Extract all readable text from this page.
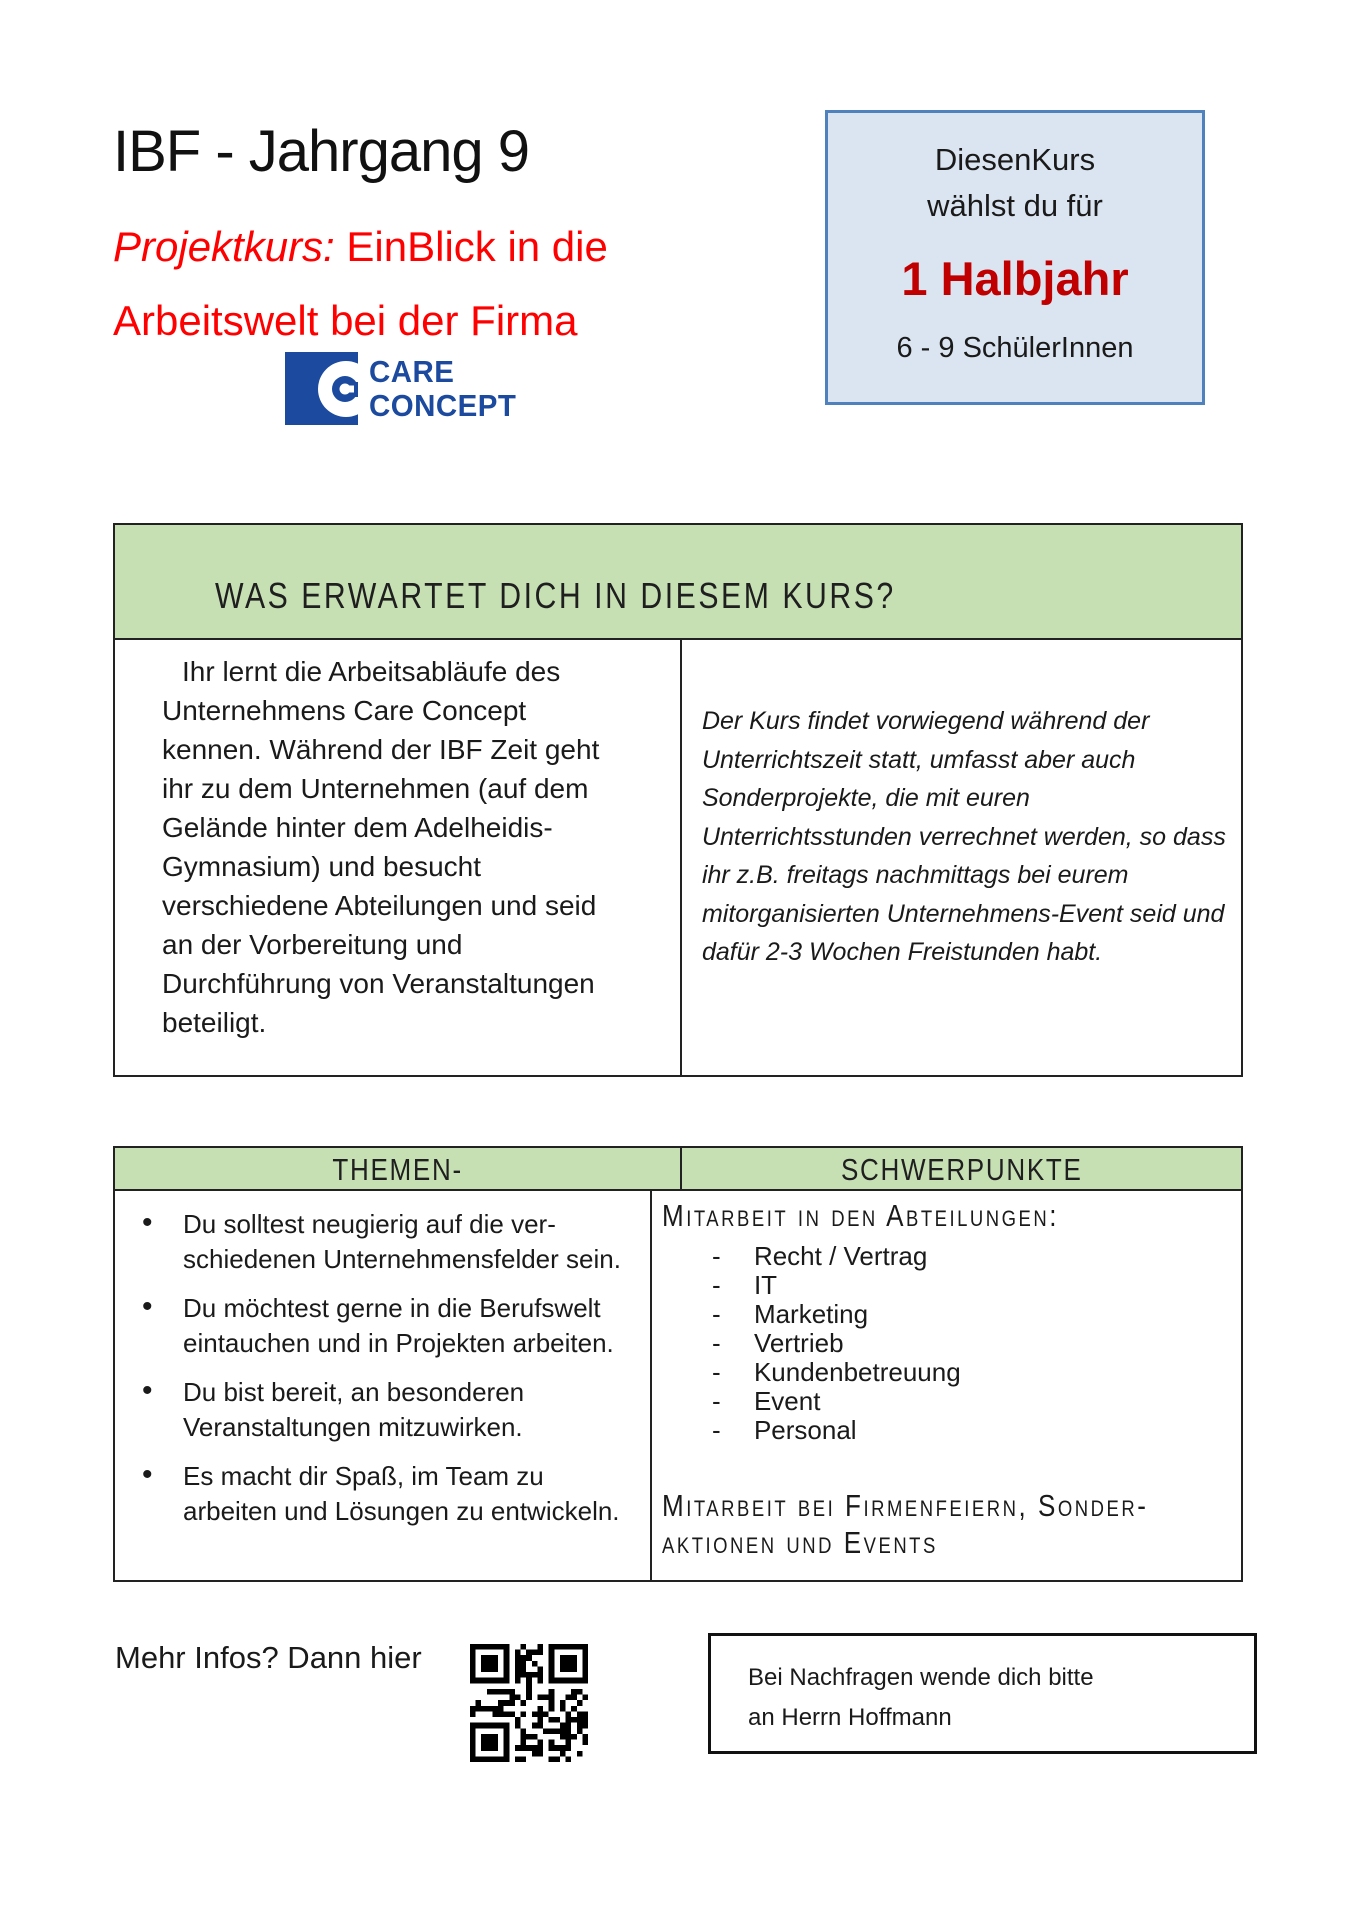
IBF - Jahrgang 9
Projektkurs: EinBlick in die
Arbeitswelt bei der Firma
CARE
CONCEPT
DiesenKurs
wählst du für
1 Halbjahr
6 - 9 SchülerInnen
WAS ERWARTET DICH IN DIESEM KURS?
Ihr lernt die Arbeitsabläufe des
Unternehmens Care Concept
kennen. Während der IBF Zeit geht
ihr zu dem Unternehmen (auf dem
Gelände hinter dem Adelheidis-
Gymnasium) und besucht
verschiedene Abteilungen und seid
an der Vorbereitung und
Durchführung von Veranstaltungen
beteiligt.
Der Kurs findet vorwiegend während der
Unterrichtszeit statt, umfasst aber auch
Sonderprojekte, die mit euren
Unterrichtsstunden verrechnet werden, so dass
ihr z.B. freitags nachmittags bei eurem
mitorganisierten Unternehmens-Event seid und
dafür 2-3 Wochen Freistunden habt.
THEMEN-	SCHWERPUNKTE
• Du solltest neugierig auf die ver-
schiedenen Unternehmensfelder sein.
• Du möchtest gerne in die Berufswelt
eintauchen und in Projekten arbeiten.
• Du bist bereit, an besonderen
Veranstaltungen mitzuwirken.
• Es macht dir Spaß, im Team zu
arbeiten und Lösungen zu entwickeln.
Mitarbeit in den Abteilungen:
-	Recht / Vertrag
-	IT
-	Marketing
-	Vertrieb
-	Kundenbetreuung
-	Event
-	Personal
Mitarbeit bei Firmenfeiern, Sonder-
aktionen und Events
Mehr Infos? Dann hier
Bei Nachfragen wende dich bitte
an Herrn Hoffmann
